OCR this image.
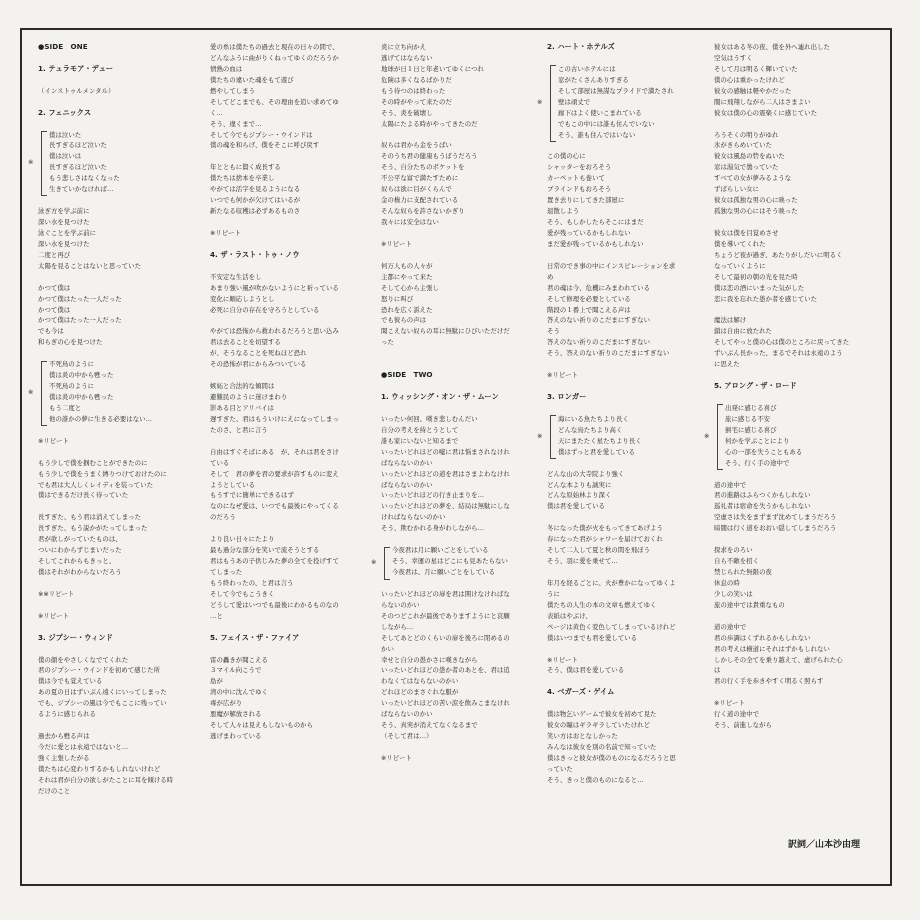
●SIDE　ONE
1. テュラモア・デュー
（インストゥルメンタル）
2. フェニックス
僕は泣いた
長すぎるほど泣いた
僕は泣いは
長すぎるほど泣いた
もう悲しさはなくなった
生きていかなければ…
泳ぎ方を学ぶ前に
深い水を見つけた
泳ぐことを学ぶ前に
深い水を見つけた
二度と再び
太陽を見ることはないと思っていた
かつて僕は
かつて僕はたった一人だった
かつて僕は
かつて僕はたった一人だった
でも今は
和らぎの心を見つけた
不死鳥のように
僕は炎の中から甦った
不死鳥のように
僕は炎の中から甦った
もう二度と
他の誰かの夢に生きる必要はない…
※リピート
もう少しで僕を掴むことができたのに
もう少しで僕をうまく縛りつけておけたのに
でも君は大人しくレイディを装っていた
僕はできるだけ長く待っていた
長すぎた、もう君は消えてしまった
長すぎた、もう説かがたってしまった
君が欲しがっていたものは、
ついにわからずじまいだった
そしてこれからもきっと、
僕はそれがわからないだろう
※※リピート
※リピート
3. ジプシー・ウィンド
僕の顔をやさしくなでてくれた
君のジプシー・ウインドを初めて感じた所
僕は今でも覚えている
あの夏の日はずいぶん遠くにいってしまった
でも、ジプシーの風は今でもここに残ってい
るように感じられる
過去から甦る声は
今だに愛とは永遠ではないと…
強く主張したがる
僕たちは心変わりするかもしれないけれど
それは君が自分の欲しがたことに耳を傾ける時
だけのこと
※
※
愛の糸は僕たちの過去と現在の日々の間で、
どんなふうに曲がりくねってゆくのだろうか
情熱の血は
僕たちの違いた魂をもて遊び
燃やしてしまう
そしてどこまでも、その理由を追い求めてゆ
く…
そう、違くまで…
そして今でもジプシー・ウインドは
僕の魂を和らげ、僕をそこに呼び戻す
年とともに賢く成長する
僕たちは捨本を卒業し
やがては活字を見るようになる
いつでも何かが欠けてはいるが
新たなる収穫は必ずあるものさ
※リピート
4. ザ・ラスト・トゥ・ノウ
不安定な生活をし
あまり強い風が吹かないようにと祈っている
変化に順応しようとし
必死に自分の存在を守ろうとしている
やがては恐怖から救われるだろうと思い込み
君は去ることを切望する
が、そうなることを死ねほど恐れ
その恐怖が君にからみついている
嫉妬と合法的な傾間は
避難民のように迷けまわり
影ある目とアリバイは
遅すぎた、君はもういけにえになってしまっ
たのさ、と君に言う
自由はすぐそばにある　が、それは君をさけ
ている
そして　君の夢を君の要求が許すものに変え
ようとしている
もうすでに簡単にできるはず
なのになぜ愛は、いつでも最後にやってくる
のだろう
より良い日々にたより
最も過分な部分を笑いで流そうとする
君はもうあの子供じみた夢の全てを投げすて
てしまった
もう終わったの、と君は言う
そして今でもこうきく
どうして愛はいつでも最後にわかるものなの
…と
5. フェイス・ザ・ファイア
雷の轟きが聞こえる
３マイル向こうで
島が
湾の中に沈んでゆく
毒が広がり
悪魔が解放される
そして人々は見えもしないものから
逃げまわっている
炎に立ち向かえ
逃げてはならない
地球が日１日と年老いてゆくにつれ
危険は多くなるばかりだ
もう待つのは終わった
その時がやって来たのだ
そう、炎を破壊し
太陽にたよる時がやってきたのだ
奴らは君から金をうばい
そのうち君の健康もうばうだろう
そう、自分たちのポケットを
不公平な富で満たすために
奴らは欲に目がくらんで
金の権力に支配されている
そんな奴らを許さないかぎり
我々には安全はない
※リピート
何万人もの人々が
主都にやって来た
そして心から主張し
怒りに叫び
恐れを広く訴えた
でも彼らの声は
聞こえない奴らの耳に無駄にひびいただけだ
った
●SIDE　TWO
1. ウィッシング・オン・ザ・ムーン
いったい何回、嘆き悲しむんだい
自分の考えを持とうとして
誰も家にいないと知るまで
いったいどれほどの嘘に君は悩まされなけれ
ばならないのかい
いったいどれほどの道を君はさまよわなけれ
ばならないのかい
いったいどれほどの行き止まりを…
いったいどれほどの夢を、結局は無駄にしな
ければならないのかい
そう、欺むかれる身がわしながら…
今夜君は月に願いごとをしている
そう、幸運の星はどこにも見あたらない
今夜君は、月に願いごとをしている
いったいどれほどの扉を君は開けなければな
らないのかい
そのつどこれが最後でありますようにと哀願
しながら…
そしてあとどのくらいの扉を後ろに閉めるの
かい
幸せと自分の愚かさに嘆きながら
いったいどれほどの愚か者のあとを、君は追
わなくてはならないのかい
どれほどのまさぐれな服が
いったいどれほどの苦い涙を飲みこまなけれ
ばならないのかい
そう、真実が消えてなくなるまで
（そして君は…）
※リピート
※
2. ハート・ホテルズ
この古いホテルには
窓がたくさんありすぎる
そして部屋は無謀なプライドで満たされ
壁は頑丈で
廊下はよく使いこまれている
でもこの中には誰も住んでいない
そう、誰も住んではいない
この僕の心に
シャッターをおろそう
カーペットも巻いて
ブラインドもおろそう
置き去りにしてきた部屋に
退散しよう
そう、もしかしたらそこにはまだ
愛が残っているかもしれない
まだ愛が残っているかもしれない
日常のでき事の中にインスピレーションを求
め
君の魂は今、危機にみまわれている
そして修理を必要としている
階段の１番上で聞こえる声は
答えのない祈りのこだまにすぎない
そう
答えのない祈りのこだまにすぎない
そう、答えのない祈りのこだまにすぎない
※リピート
3. ロンガー
海にいる魚たちより長く
どんな鳥たちより高く
天にまたたく星たちより長く
僕はずっと君を愛している
どんな山の大寺院より強く
どんな本よりも誠実に
どんな原始林より深く
僕は君を愛している
冬になった僕が火をもってきてあげよう
春になった君がシャワーを届けておくれ
そして二人して夏と秋の間を飛ぼう
そう、羽に愛を乗せて…
年月を経るごとに、火が豊かになってゆくよ
うに
僕たちの人生の本の文章も燃えてゆく
表紙はやぶけ、
ページは黄色く変色してしまっているけれど
僕はいつまでも君を愛している
※リピート
そう、僕は君を愛している
4. ベガーズ・ゲイム
僕は物乞いゲームで彼女を初めて見た
彼女の瞳はギラギラしていたけれど
笑い方はおとなしかった
みんなは彼女を別の名前で知っていた
僕はきっと彼女が僕のものになるだろうと思
っていた
そう、きっと僕のものになると…
※
※
彼女はある冬の夜、僕を外へ連れ出した
空気はうすく
そして月は明るく輝いていた
僕の心は重かったけれど
彼女の感触は軽やかだった
闇に飛翔しながら二人はさまよい
彼女は僕の心の震楽くに感じていた
ろうそくの明りがゆれ
氷がきらめいていた
彼女は風島の砦をぬいた
窓は湯気で曇っていた
すべての女が夢みるような
ずばらしい女に
彼女は孤独な男の心に映った
孤独な男の心にはそう映った
彼女は僕を目覚めさせ
僕を導いてくれた
ちょうど夜が過ぎ、あたりがしだいに明るく
なっていくように
そして最初の朝の光を見た時
僕は恋の酒にいまった気がした
恋に我を忘れた愚か者を感じていた
魔法は解け
鎖は自由に放たれた
そしてやっと僕の心は僕のところに戻ってきた
ずいぶん長かった、まるでそれは永遠のよう
に思えた
5. アロング・ザ・ロード
出発に感じる喜び
旅に感じる不安
倒宅に感じる喜び
何かを学ぶことにより
心の一部を失うこともある
そう、行く手の途中で
道の途中で
君の進路はふらつくかもしれない
巡礼者は宿命を失うかもしれない
空虚さは失をまずまず沈めてしまうだろう
暗闇は行く道をおおい隠してしまうだろう
探求をのろい
自ら不敵を招く
禁じられた無限の夜
休息の時
少しの笑いは
旅の途中では貴重なもの
道の途中で
君の歩調はくずれるかもしれない
君の考えは横道にそれはずかもしれない
しかしその全てを乗り越えて、虚げられた心
は
君の行く手を歩きやすく明るく照らす
※リピート
行く道の途中で
そう、前進しながら
※
訳詞／山本沙由理
